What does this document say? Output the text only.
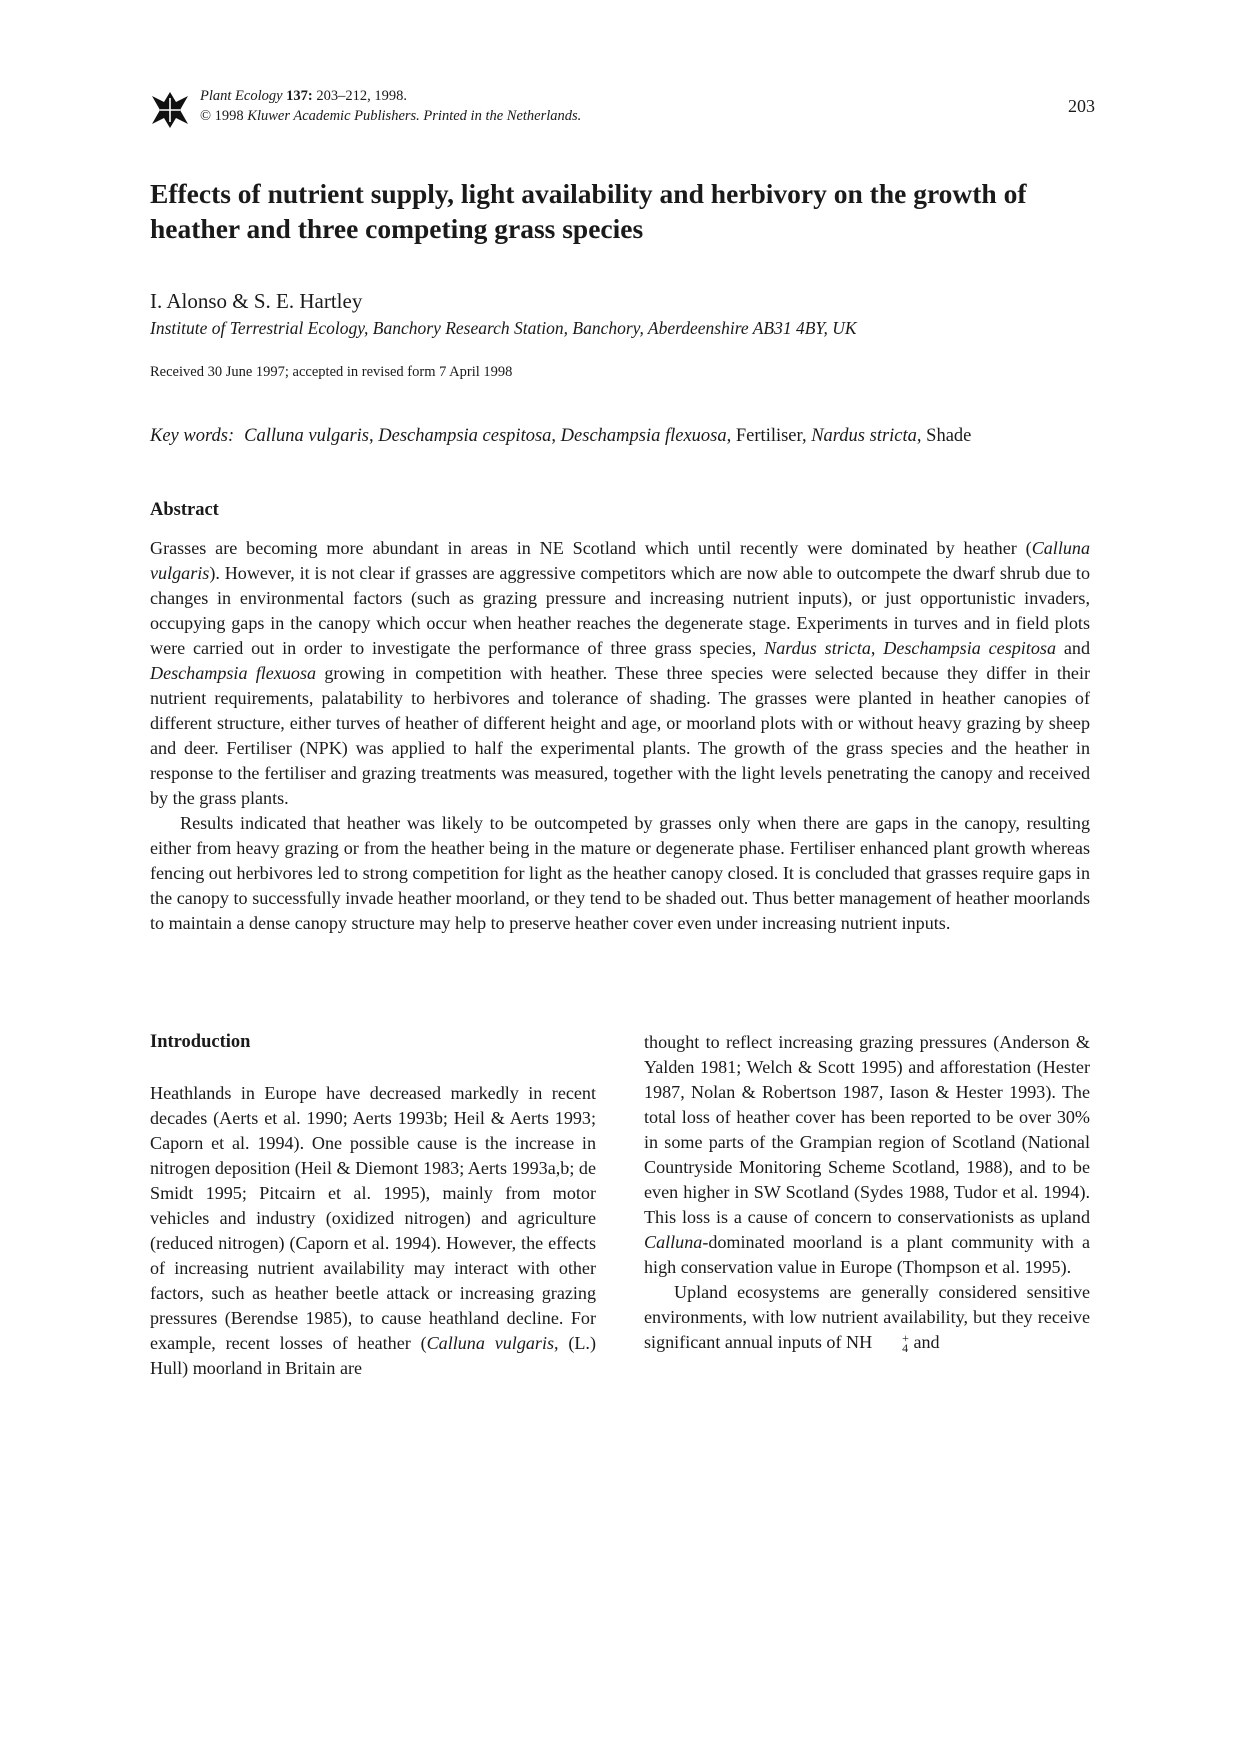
Plant Ecology 137: 203–212, 1998.
© 1998 Kluwer Academic Publishers. Printed in the Netherlands.	203
Effects of nutrient supply, light availability and herbivory on the growth of heather and three competing grass species
I. Alonso & S. E. Hartley
Institute of Terrestrial Ecology, Banchory Research Station, Banchory, Aberdeenshire AB31 4BY, UK
Received 30 June 1997; accepted in revised form 7 April 1998
Key words: Calluna vulgaris, Deschampsia cespitosa, Deschampsia flexuosa, Fertiliser, Nardus stricta, Shade
Abstract

Grasses are becoming more abundant in areas in NE Scotland which until recently were dominated by heather (Calluna vulgaris). However, it is not clear if grasses are aggressive competitors which are now able to outcompete the dwarf shrub due to changes in environmental factors (such as grazing pressure and increasing nutrient inputs), or just opportunistic invaders, occupying gaps in the canopy which occur when heather reaches the degenerate stage. Experiments in turves and in field plots were carried out in order to investigate the performance of three grass species, Nardus stricta, Deschampsia cespitosa and Deschampsia flexuosa growing in competition with heather. These three species were selected because they differ in their nutrient requirements, palatability to herbivores and tolerance of shading. The grasses were planted in heather canopies of different structure, either turves of heather of different height and age, or moorland plots with or without heavy grazing by sheep and deer. Fertiliser (NPK) was applied to half the experimental plants. The growth of the grass species and the heather in response to the fertiliser and grazing treatments was measured, together with the light levels penetrating the canopy and received by the grass plants.

Results indicated that heather was likely to be outcompeted by grasses only when there are gaps in the canopy, resulting either from heavy grazing or from the heather being in the mature or degenerate phase. Fertiliser enhanced plant growth whereas fencing out herbivores led to strong competition for light as the heather canopy closed. It is concluded that grasses require gaps in the canopy to successfully invade heather moorland, or they tend to be shaded out. Thus better management of heather moorlands to maintain a dense canopy structure may help to preserve heather cover even under increasing nutrient inputs.

Introduction

Heathlands in Europe have decreased markedly in recent decades (Aerts et al. 1990; Aerts 1993b; Heil & Aerts 1993; Caporn et al. 1994). One possible cause is the increase in nitrogen deposition (Heil & Diemont 1983; Aerts 1993a,b; de Smidt 1995; Pitcairn et al. 1995), mainly from motor vehicles and industry (oxidized nitrogen) and agriculture (reduced nitrogen) (Caporn et al. 1994). However, the effects of increasing nutrient availability may interact with other factors, such as heather beetle attack or increasing grazing pressures (Berendse 1985), to cause heathland decline. For example, recent losses of heather (Calluna vulgaris, (L.) Hull) moorland in Britain are

thought to reflect increasing grazing pressures (Anderson & Yalden 1981; Welch & Scott 1995) and afforestation (Hester 1987, Nolan & Robertson 1987, Iason & Hester 1993). The total loss of heather cover has been reported to be over 30% in some parts of the Grampian region of Scotland (National Countryside Monitoring Scheme Scotland, 1988), and to be even higher in SW Scotland (Sydes 1988, Tudor et al. 1994). This loss is a cause of concern to conservationists as upland Calluna-dominated moorland is a plant community with a high conservation value in Europe (Thompson et al. 1995).

Upland ecosystems are generally considered sensitive environments, with low nutrient availability, but they receive significant annual inputs of NH	+
4 and
